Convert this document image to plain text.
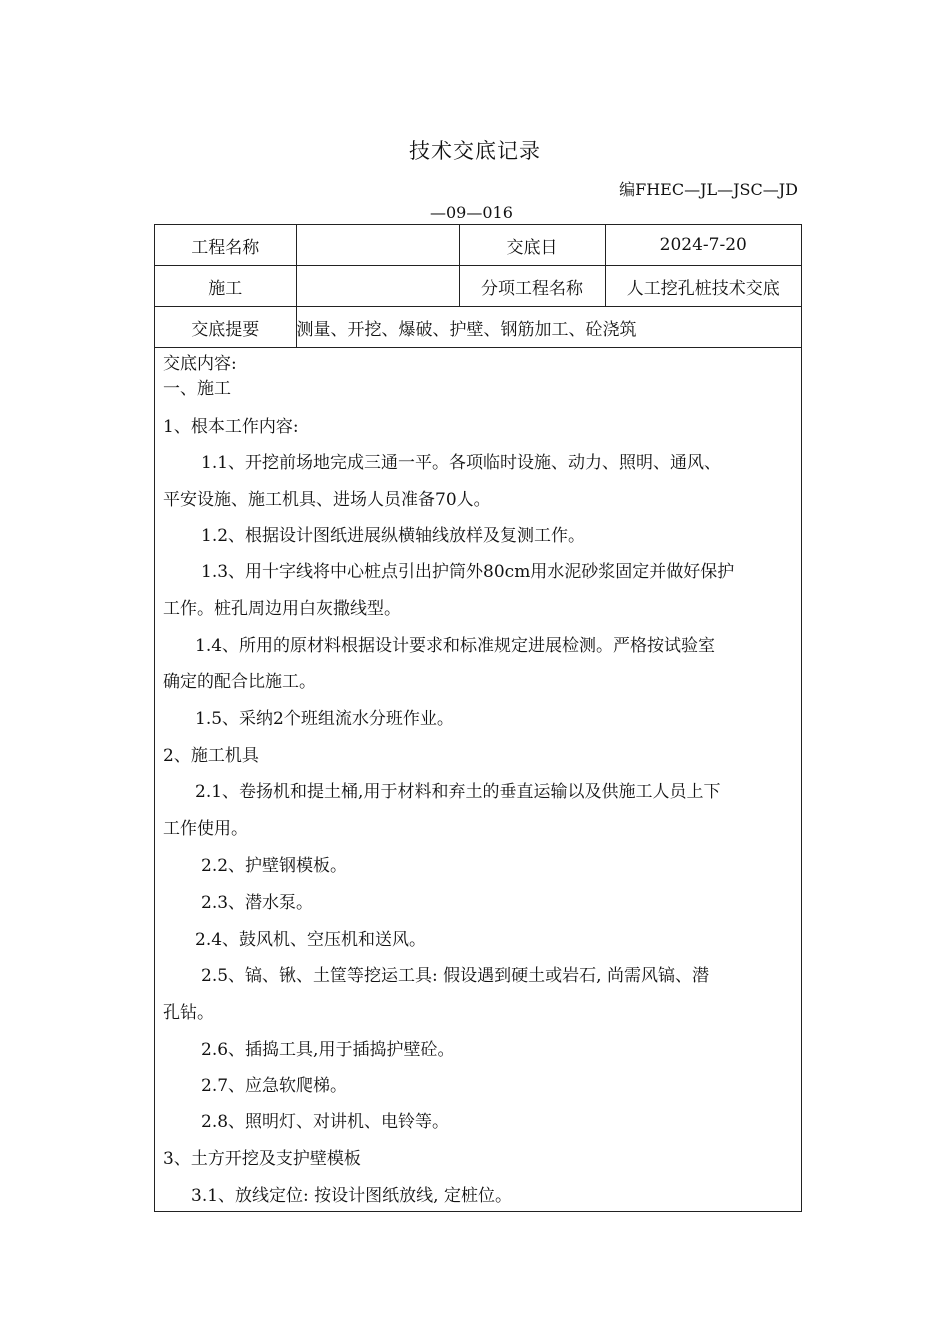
技术交底记录
编FHEC—JL—JSC—JD
—09—016
工程名称		交底日	2024-7-20
施工		分项工程名称	人工挖孔桩技术交底
交底提要	测量、开挖、爆破、护壁、钢筋加工、砼浇筑		
交底内容:
一、施工
1、根本工作内容:
1.1、开挖前场地完成三通一平。各项临时设施、动力、照明、通风、
平安设施、施工机具、进场人员准备70人。
1.2、根据设计图纸进展纵横轴线放样及复测工作。
1.3、用十字线将中心桩点引出护筒外80cm用水泥砂浆固定并做好保护
工作。桩孔周边用白灰撒线型。
1.4、所用的原材料根据设计要求和标准规定进展检测。严格按试验室
确定的配合比施工。
1.5、采纳2个班组流水分班作业。
2、施工机具
2.1、卷扬机和提土桶,用于材料和弃土的垂直运输以及供施工人员上下
工作使用。
2.2、护壁钢模板。
2.3、潜水泵。
2.4、鼓风机、空压机和送风。
2.5、镐、锹、土筐等挖运工具: 假设遇到硬土或岩石, 尚需风镐、潜
孔钻。
2.6、插捣工具,用于插捣护壁砼。
2.7、应急软爬梯。
2.8、照明灯、对讲机、电铃等。
3、土方开挖及支护壁模板
3.1、放线定位: 按设计图纸放线, 定桩位。
